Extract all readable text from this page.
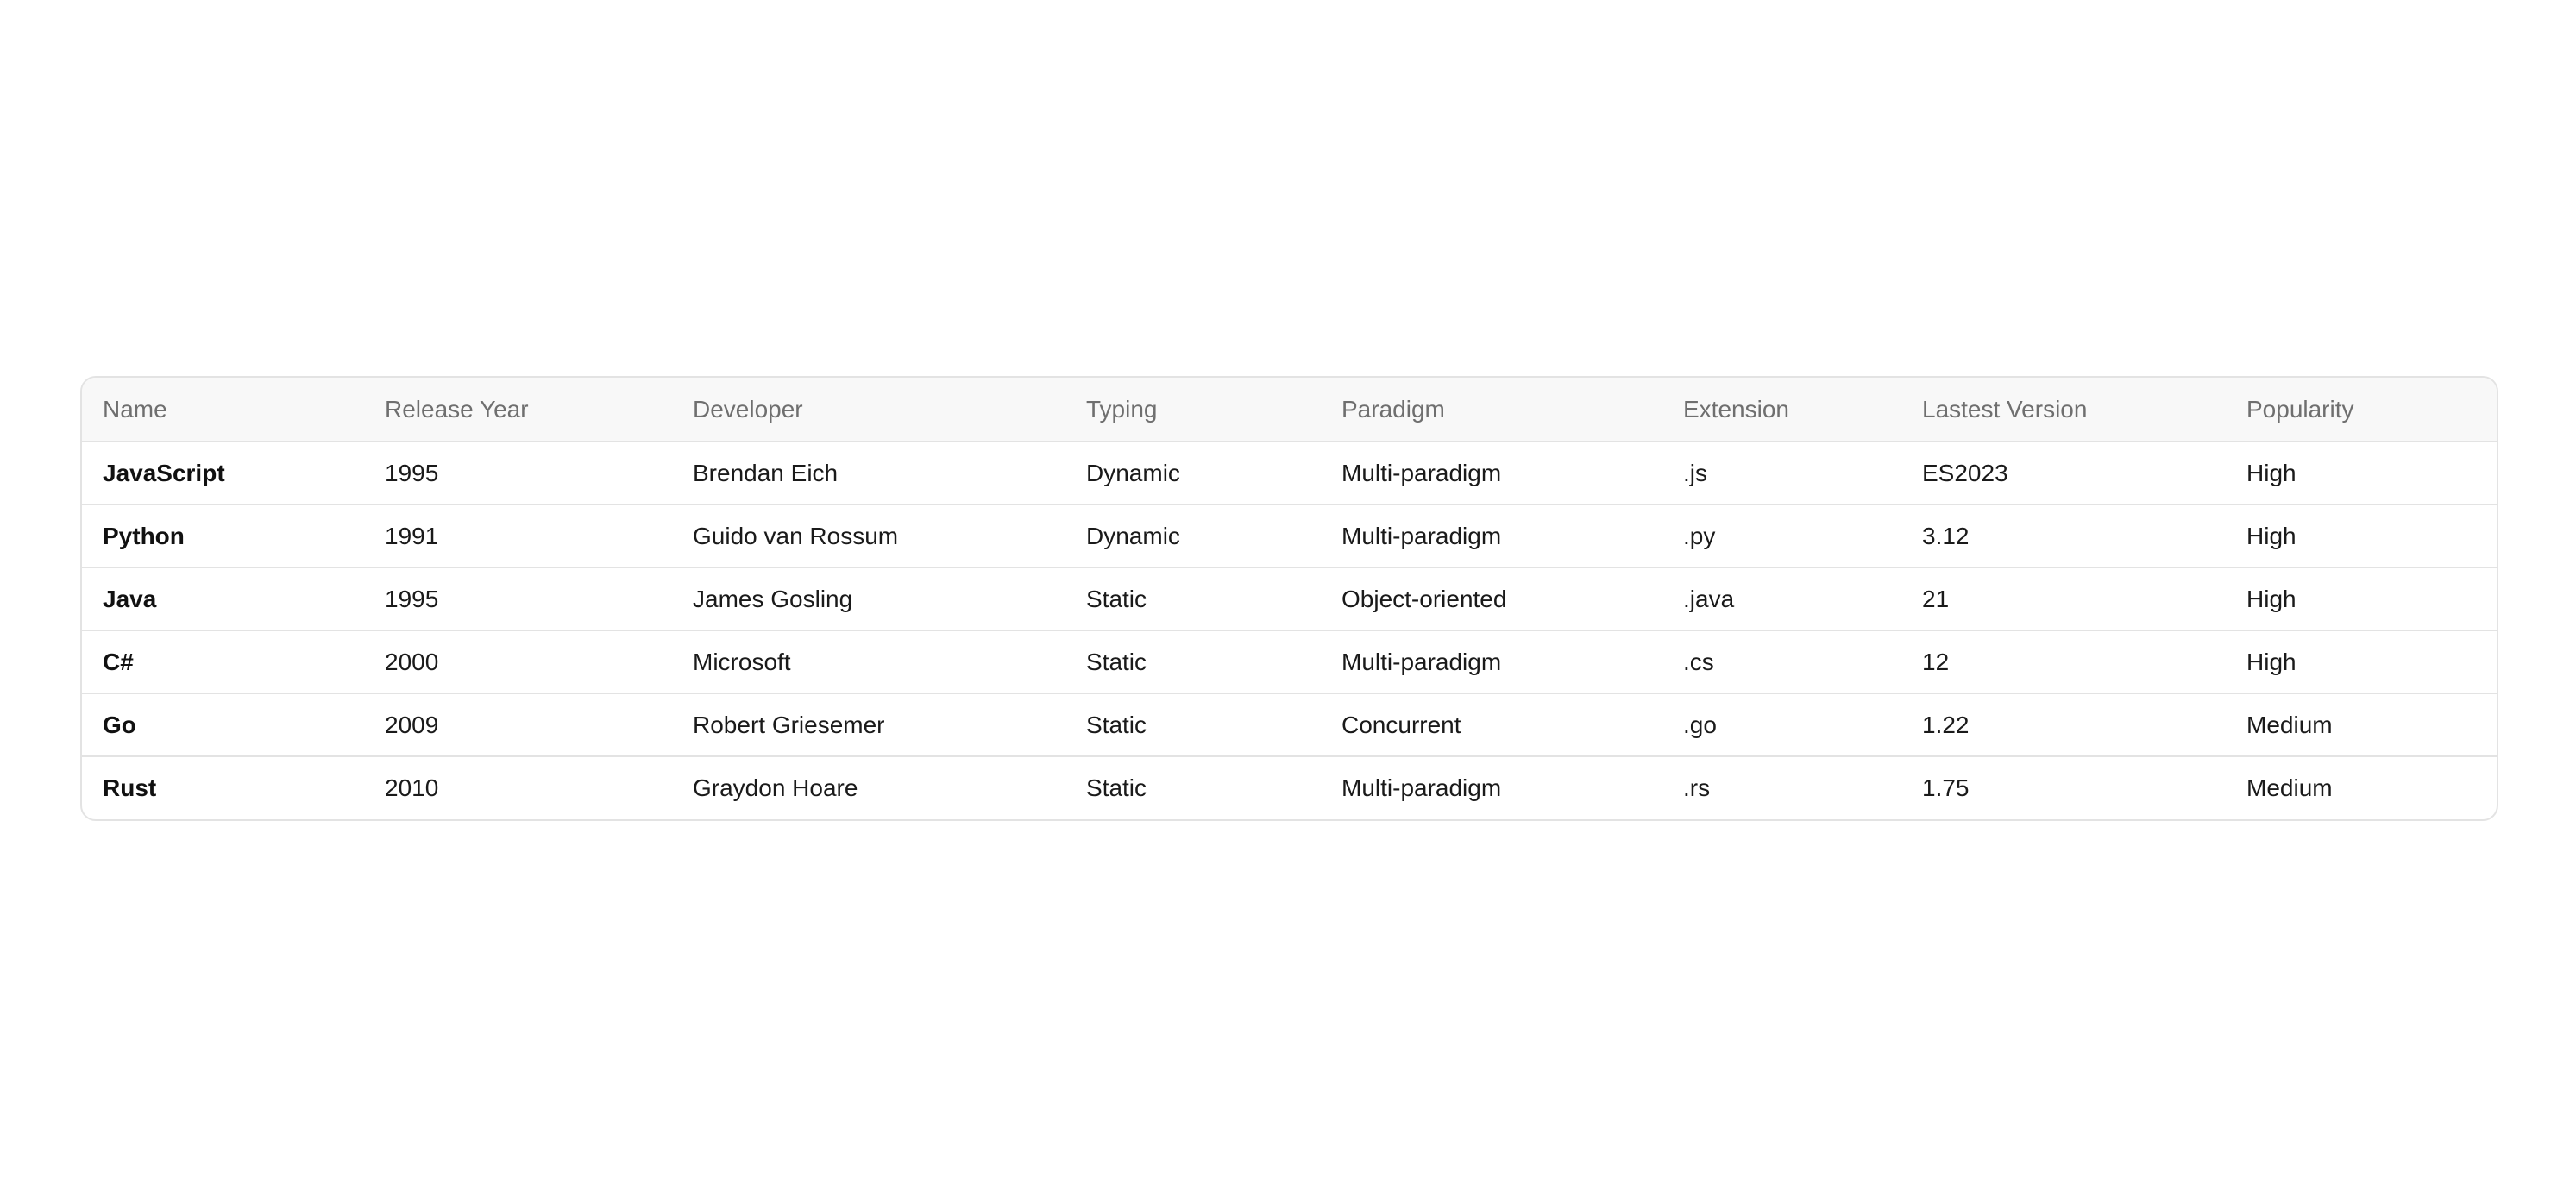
Name	Release Year	Developer	Typing	Paradigm	Extension	Lastest Version	Popularity
JavaScript	1995	Brendan Eich	Dynamic	Multi-paradigm	.js	ES2023	High
Python	1991	Guido van Rossum	Dynamic	Multi-paradigm	.py	3.12	High
Java	1995	James Gosling	Static	Object-oriented	.java	21	High
C#	2000	Microsoft	Static	Multi-paradigm	.cs	12	High
Go	2009	Robert Griesemer	Static	Concurrent	.go	1.22	Medium
Rust	2010	Graydon Hoare	Static	Multi-paradigm	.rs	1.75	Medium
